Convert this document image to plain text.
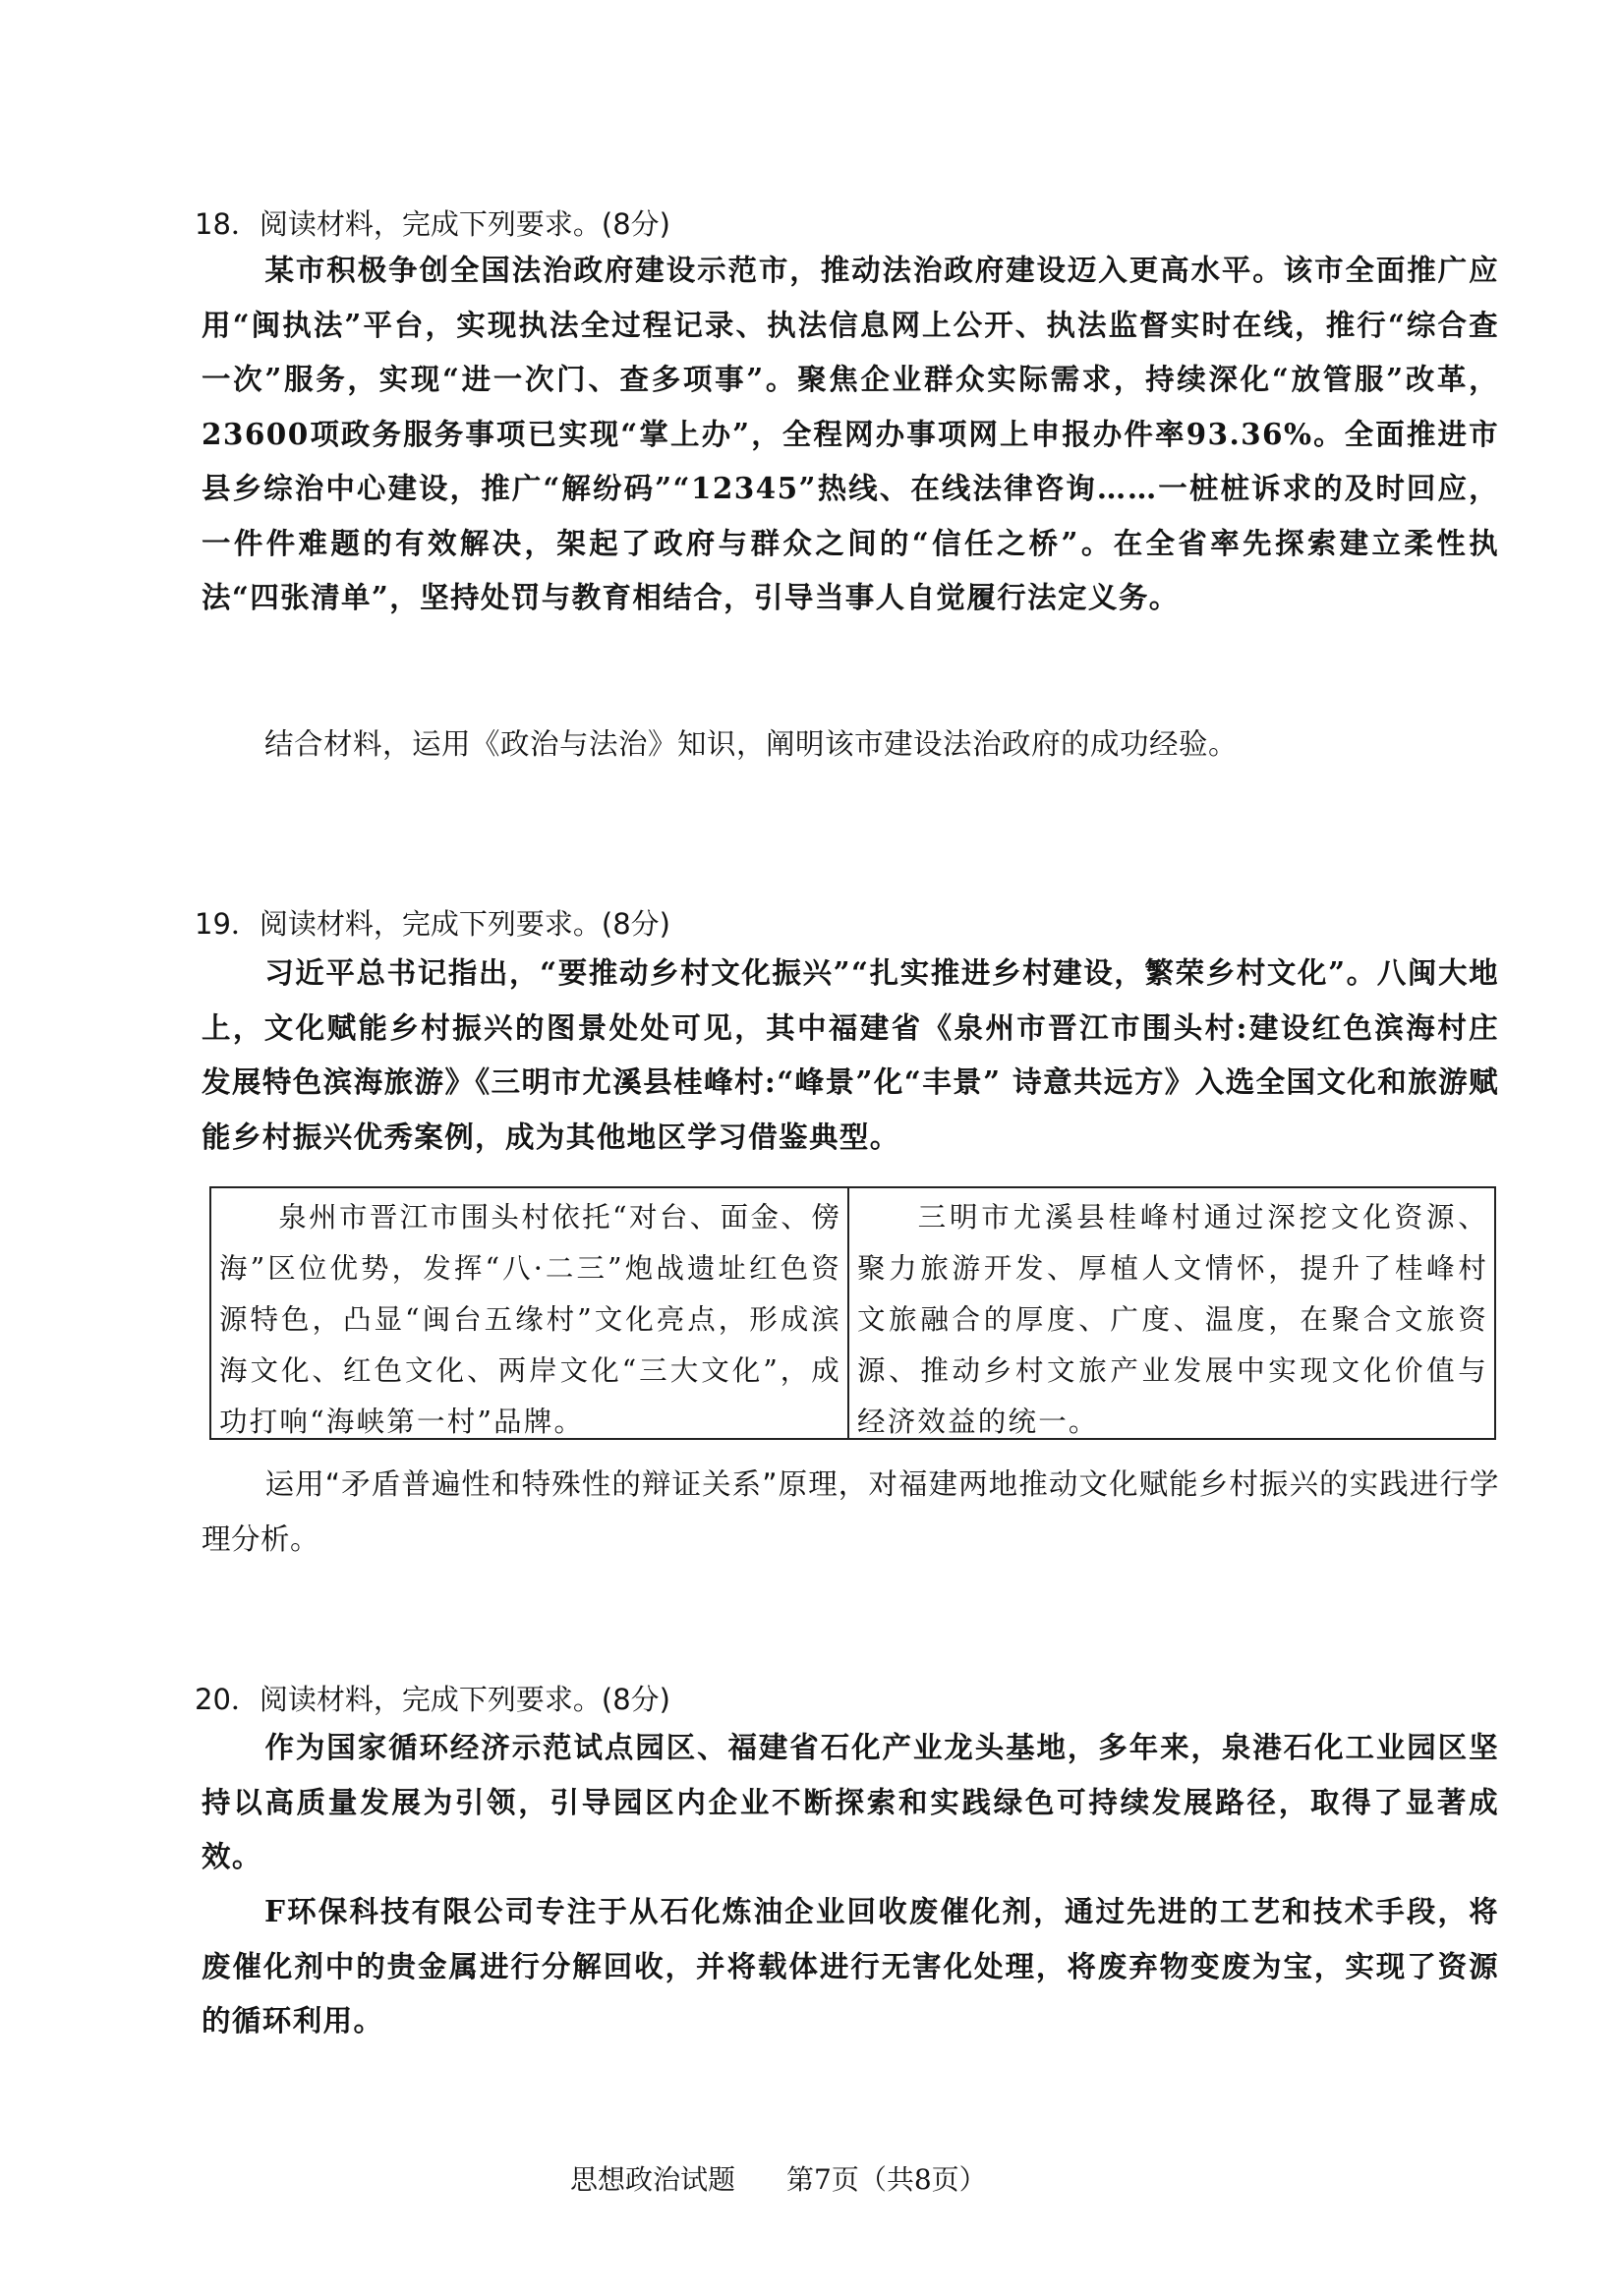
18．阅读材料，完成下列要求。(8分)
某市积极争创全国法治政府建设示范市，推动法治政府建设迈入更高水平。该市全面推广应用“闽执法”平台，实现执法全过程记录、执法信息网上公开、执法监督实时在线，推行“综合查一次”服务，实现“进一次门、查多项事”。聚焦企业群众实际需求，持续深化“放管服”改革，23600项政务服务事项已实现“掌上办”，全程网办事项网上申报办件率93.36%。全面推进市县乡综治中心建设，推广“解纷码”“12345”热线、在线法律咨询……一桩桩诉求的及时回应，一件件难题的有效解决，架起了政府与群众之间的“信任之桥”。在全省率先探索建立柔性执法“四张清单”，坚持处罚与教育相结合，引导当事人自觉履行法定义务。
结合材料，运用《政治与法治》知识，阐明该市建设法治政府的成功经验。
19．阅读材料，完成下列要求。(8分)
习近平总书记指出，“要推动乡村文化振兴”“扎实推进乡村建设，繁荣乡村文化”。八闽大地上，文化赋能乡村振兴的图景处处可见，其中福建省《泉州市晋江市围头村:建设红色滨海村庄 发展特色滨海旅游》《三明市尤溪县桂峰村:“峰景”化“丰景” 诗意共远方》入选全国文化和旅游赋能乡村振兴优秀案例，成为其他地区学习借鉴典型。
泉州市晋江市围头村依托“对台、面金、傍海”区位优势，发挥“八·二三”炮战遗址红色资源特色，凸显“闽台五缘村”文化亮点，形成滨海文化、红色文化、两岸文化“三大文化”，成功打响“海峡第一村”品牌。
三明市尤溪县桂峰村通过深挖文化资源、聚力旅游开发、厚植人文情怀，提升了桂峰村文旅融合的厚度、广度、温度，在聚合文旅资源、推动乡村文旅产业发展中实现文化价值与经济效益的统一。
运用“矛盾普遍性和特殊性的辩证关系”原理，对福建两地推动文化赋能乡村振兴的实践进行学理分析。
20．阅读材料，完成下列要求。(8分)
作为国家循环经济示范试点园区、福建省石化产业龙头基地，多年来，泉港石化工业园区坚持以高质量发展为引领，引导园区内企业不断探索和实践绿色可持续发展路径，取得了显著成效。
F环保科技有限公司专注于从石化炼油企业回收废催化剂，通过先进的工艺和技术手段，将废催化剂中的贵金属进行分解回收，并将载体进行无害化处理，将废弃物变废为宝，实现了资源的循环利用。
思想政治试题 第7页（共8页）
